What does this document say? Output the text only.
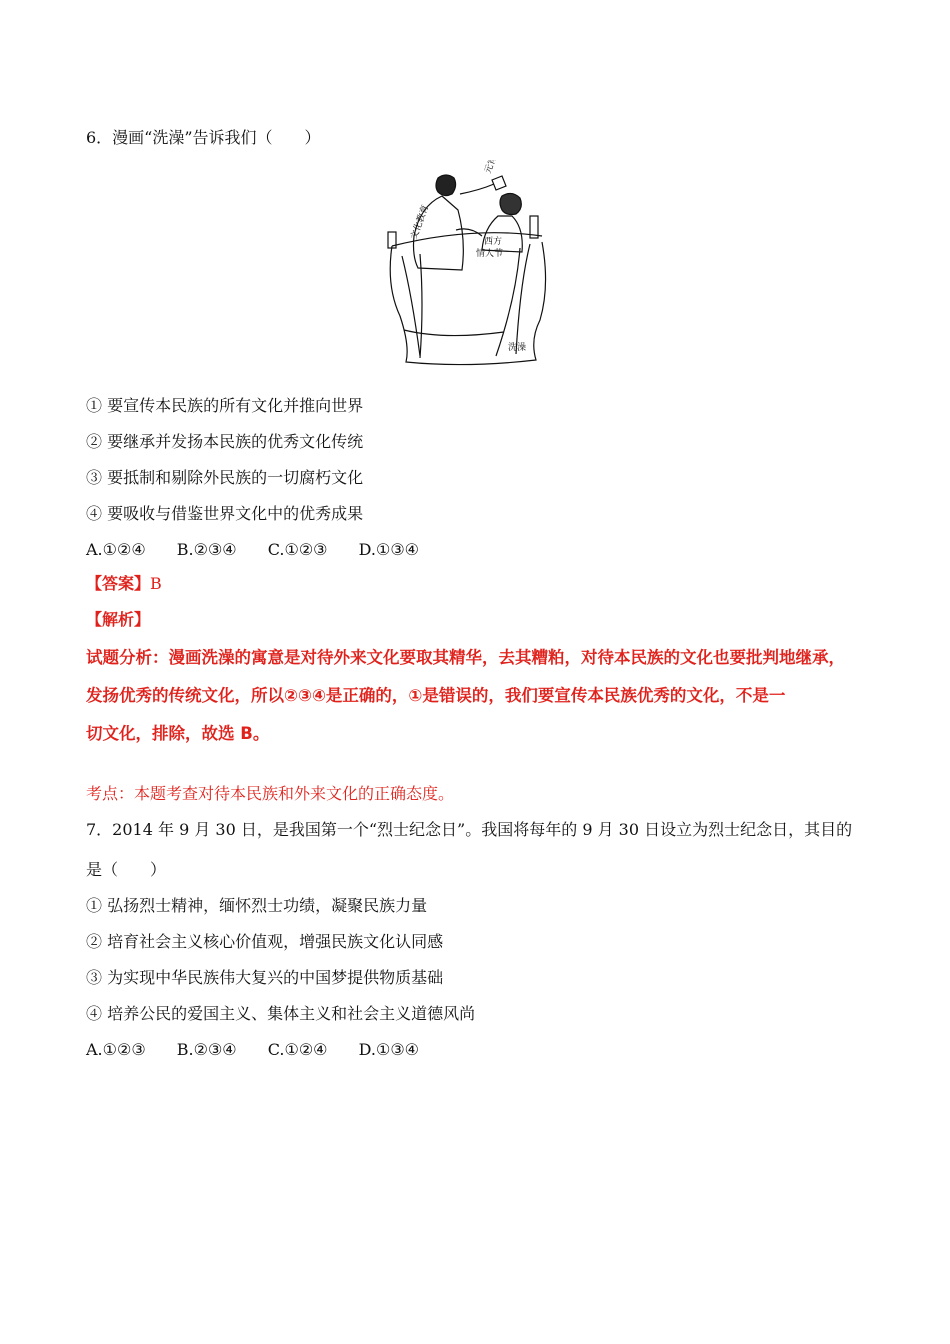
6．漫画“洗澡”告诉我们（　　）
元宵节
文化教育
西方
情人节
洗澡
① 要宣传本民族的所有文化并推向世界
② 要继承并发扬本民族的优秀文化传统
③ 要抵制和剔除外民族的一切腐朽文化
④ 要吸收与借鉴世界文化中的优秀成果
A.①②④ B.②③④ C.①②③ D.①③④
【答案】B
【解析】
试题分析：漫画洗澡的寓意是对待外来文化要取其精华，去其糟粕，对待本民族的文化也要批判地继承，
发扬优秀的传统文化，所以②③④是正确的，①是错误的，我们要宣传本民族优秀的文化，不是一
切文化，排除，故选 B。
考点：本题考查对待本民族和外来文化的正确态度。
7．2014 年 9 月 30 日，是我国第一个“烈士纪念日”。我国将每年的 9 月 30 日设立为烈士纪念日，其目的
是（　　）
① 弘扬烈士精神，缅怀烈士功绩，凝聚民族力量
② 培育社会主义核心价值观，增强民族文化认同感
③ 为实现中华民族伟大复兴的中国梦提供物质基础
④ 培养公民的爱国主义、集体主义和社会主义道德风尚
A.①②③ B.②③④ C.①②④ D.①③④
